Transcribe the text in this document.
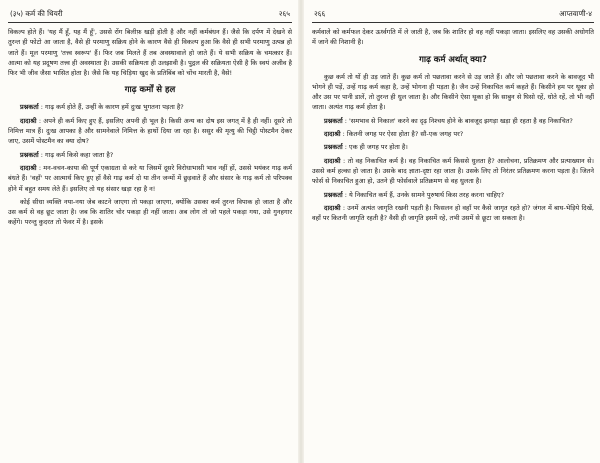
(३५) कर्म की थियरी	२६५

विकल्प होते हैं। 'यह मैं हूँ, यह मैं हूँ', उससे रोंग बिलीफ़ खड़ी होती है और नहीं कर्मबंधन हैं। जैसे कि दर्पण में देखने से तुरन्त ही फोटो आ जाता है, वैसे ही परमाणु सक्रिय होने के कारण वैसे ही विकल्प हुआ कि वैसे ही सभी परमाणु उत्पन्न हो जाते हैं। मूल परमाणु 'तत्त्व स्वरूप' हैं। फिर जब मिलते हैं तब अवस्थावाले हो जाते हैं। ये सभी सक्रिय के चमत्कार हैं। आत्मा को यह प्रदूषण तत्त्व ही अवस्थाता है। उसकी सक्रियता ही उलझावी है। पुद्गल की सक्रियता ऐसी है कि स्वयं अजीव है फिर भी जीव जैसा भासित होता है। जैसे कि यह चिड़िया खुद के प्रतिबिंब को चोंच मारती है, वैसे!

गाढ़ कर्मों से हल

प्रश्नकर्ता : गाढ़ कर्म होते हैं, उन्हीं के कारण हमें दुःख भुगतना पड़ता है?

दादाश्री : अपने ही कर्म किए हुए हैं, इसलिए अपनी ही भूल है। किसी अन्य का दोष इस जगत् में है ही नहीं। दूसरे तो निमित्त मात्र हैं। दुःख आपका है और सामनेवाले निमित्त के हाथों दिया जा रहा है। ससुर की मृत्यु की चिट्ठी पोस्टमैन देकर जाए, उसमें पोस्टमैन का क्या दोष?

प्रश्नकर्ता : गाढ़ कर्म किसे कहा जाता है?

दादाश्री : मन-वचन-काया की पूर्ण एकाग्रता से करे या जिसमें दूसरे विरोधाभासी भाव नहीं हों, उससे भयंकर गाढ़ कर्म बंधते हैं। 'वहाँ' पर आत्मार्थ किए हुए हों वैसे गाढ़ कर्म दो या तीन जन्मों में छुड़वाते हैं और संसार के गाढ़ कर्म तो परिपक्व होने में बहुत समय लेते हैं। इसलिए तो यह संसार खड़ा रहा है न!

कोई सीधा व्यक्ति नया-नया जेब काटने जाएगा तो पकड़ा जाएगा, क्योंकि उसका कर्म तुरन्त विपाक हो जाता है और उस कर्म से वह छूट जाता है। जब कि शातिर चोर पकड़ा ही नहीं जाता। अब लोग तो जो पहले पकड़ा गया, उसे गुनहगार कहेंगे। परन्तु कुदरत तो फेवर में है। इसके

२६६	आप्तवाणी-४

कर्मवाले को कर्मफल देकर ऊर्ध्वगति में ले जाती है, जब कि शातिर हो वह नहीं पकड़ा जाता। इसलिए वह उसकी अधोगति में जाने की निशानी है।

गाढ़ कर्म अर्थात् क्या?

कुछ कर्म तो यों ही उड़ जाते हैं। कुछ कर्म तो पछतावा करने से उड़ जाते हैं। और जो पछतावा करने के बावजूद भी भोगने ही पड़ें, उन्हें गाढ़ कर्म कहा है, उन्हें भोगना ही पड़ता है। जैन उन्हें निकाचित कर्म कहते हैं। किसीने हम पर थूका हो और उस पर पानी डालें, तो तुरन्त ही धुल जाता है। और किसीने ऐसा थूका हो कि साबुन से घिसो रहें, धोते रहें, तो भी नहीं जाता। अत्यंत गाढ़ कर्म होता है।

प्रश्नकर्ता : 'समभाव से निकाल' करने का दृढ़ निश्चय होने के बावजूद झगड़ा खड़ा ही रहता है वह निकाचित?

दादाश्री : कितनी जगह पर ऐसा होता है? सौ-एक जगह पर?

प्रश्नकर्ता : एक ही जगह पर होता है।

दादाश्री : तो वह निकाचित कर्म है। वह निकाचित कर्म किससे धुलता है? आलोचना, प्रतिक्रमण और प्रत्याख्यान से। उससे कर्म हल्का हो जाता है। उसके बाद ज्ञाता-दृष्टा रहा जाता है। उसके लिए तो निरंतर प्रतिक्रमण करना पड़ता है। जितने फोर्स से निकाचित हुआ हो, उतने ही फोर्सवाले प्रतिक्रमण से वह धुलता है।

प्रश्नकर्ता : ये निकाचित कर्म हैं, उनके सामने पुरुषार्थ किस तरह करना चाहिए?

दादाश्री : उनमें अत्यंत जागृति रखनी पड़ती है। फिसलन हो वहाँ पर कैसे जागृत रहते हो? जंगल में बाघ-भेड़िये दिखें, वहाँ पर कितनी जागृति रहती है? वैसी ही जागृति इसमें रहे, तभी उसमें से छूटा जा सकता है।
